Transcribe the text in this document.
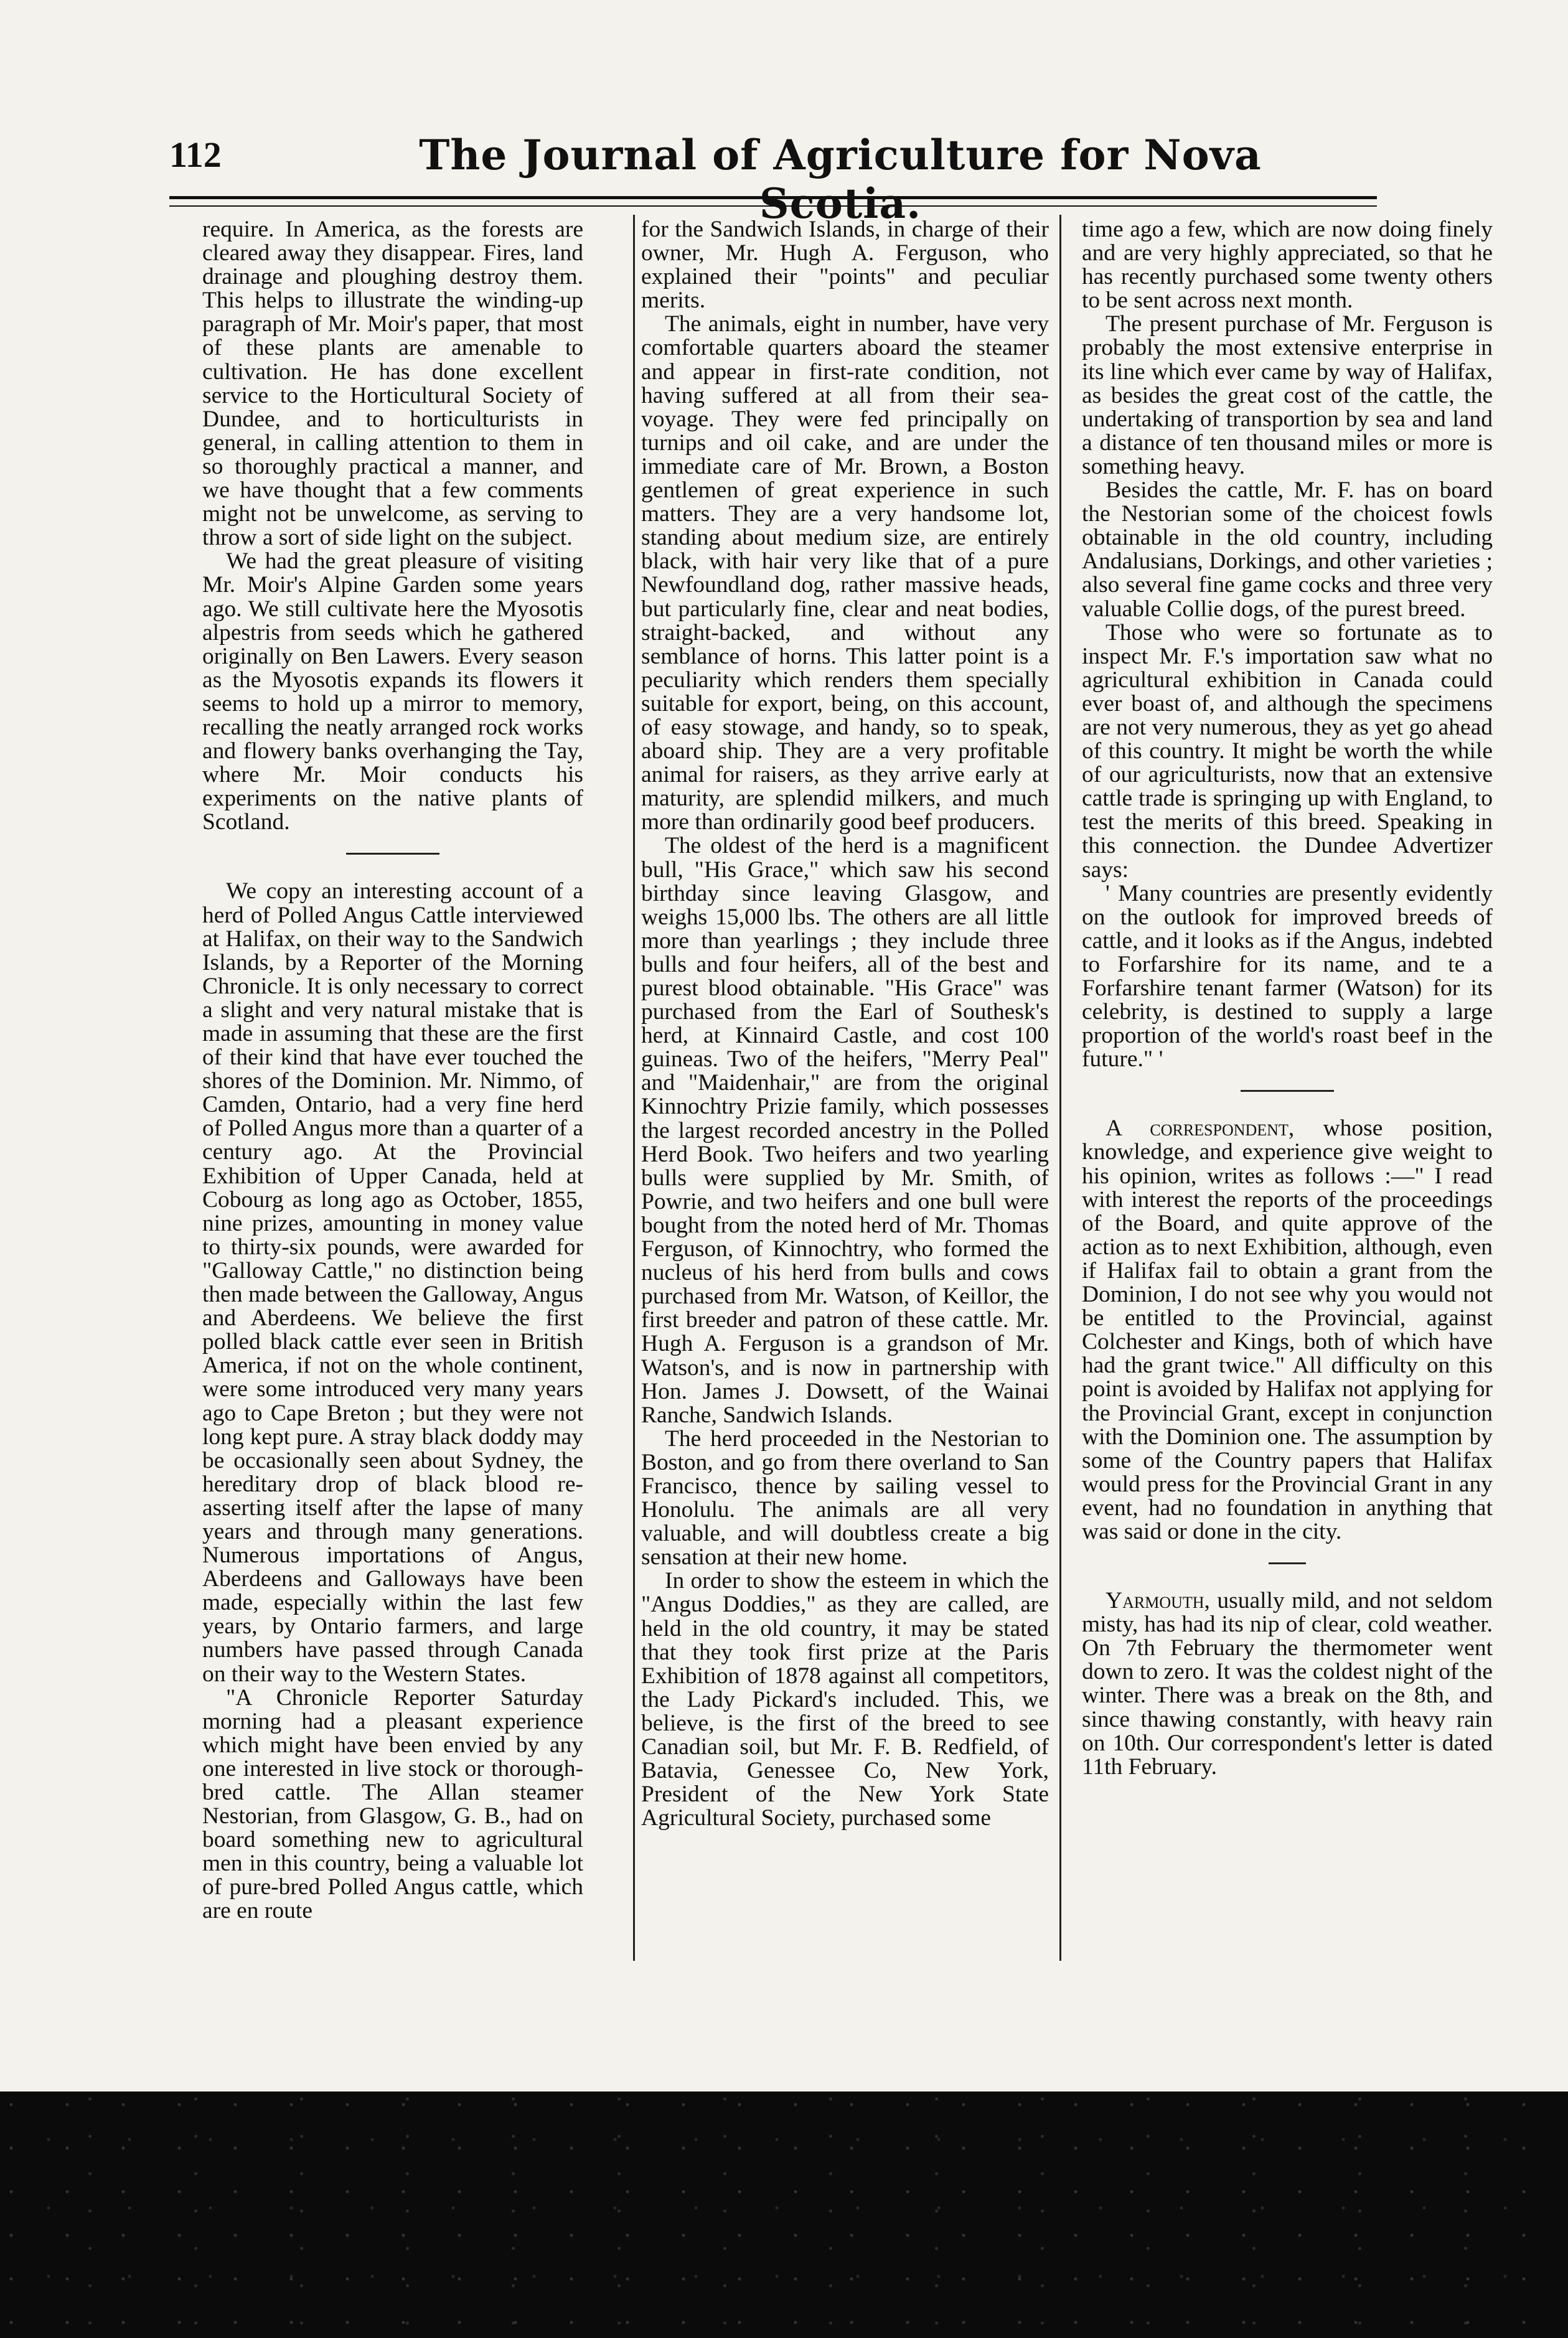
112	The Journal of Agriculture for Nova Scotia.

require. In America, as the forests are cleared away they disappear. Fires, land drainage and ploughing destroy them. This helps to illustrate the winding-up paragraph of Mr. Moir's paper, that most of these plants are amenable to cultivation. He has done excellent service to the Horticultural Society of Dundee, and to horticulturists in general, in calling attention to them in so thoroughly practical a manner, and we have thought that a few comments might not be unwelcome, as serving to throw a sort of side light on the subject.

We had the great pleasure of visiting Mr. Moir's Alpine Garden some years ago. We still cultivate here the Myosotis alpestris from seeds which he gathered originally on Ben Lawers. Every season as the Myosotis expands its flowers it seems to hold up a mirror to memory, recalling the neatly arranged rock works and flowery banks overhanging the Tay, where Mr. Moir conducts his experiments on the native plants of Scotland.

We copy an interesting account of a herd of Polled Angus Cattle interviewed at Halifax, on their way to the Sandwich Islands, by a Reporter of the Morning Chronicle. It is only necessary to correct a slight and very natural mistake that is made in assuming that these are the first of their kind that have ever touched the shores of the Dominion. Mr. Nimmo, of Camden, Ontario, had a very fine herd of Polled Angus more than a quarter of a century ago. At the Provincial Exhibition of Upper Canada, held at Cobourg as long ago as October, 1855, nine prizes, amounting in money value to thirty-six pounds, were awarded for "Galloway Cattle," no distinction being then made between the Galloway, Angus and Aberdeens. We believe the first polled black cattle ever seen in British America, if not on the whole continent, were some introduced very many years ago to Cape Breton ; but they were not long kept pure. A stray black doddy may be occasionally seen about Sydney, the hereditary drop of black blood re-asserting itself after the lapse of many years and through many generations. Numerous importations of Angus, Aberdeens and Galloways have been made, especially within the last few years, by Ontario farmers, and large numbers have passed through Canada on their way to the Western States.

"A Chronicle Reporter Saturday morning had a pleasant experience which might have been envied by any one interested in live stock or thorough-bred cattle. The Allan steamer Nestorian, from Glasgow, G. B., had on board something new to agricultural men in this country, being a valuable lot of pure-bred Polled Angus cattle, which are en route

for the Sandwich Islands, in charge of their owner, Mr. Hugh A. Ferguson, who explained their "points" and peculiar merits.

The animals, eight in number, have very comfortable quarters aboard the steamer and appear in first-rate condition, not having suffered at all from their sea-voyage. They were fed principally on turnips and oil cake, and are under the immediate care of Mr. Brown, a Boston gentlemen of great experience in such matters. They are a very handsome lot, standing about medium size, are entirely black, with hair very like that of a pure Newfoundland dog, rather massive heads, but particularly fine, clear and neat bodies, straight-backed, and without any semblance of horns. This latter point is a peculiarity which renders them specially suitable for export, being, on this account, of easy stowage, and handy, so to speak, aboard ship. They are a very profitable animal for raisers, as they arrive early at maturity, are splendid milkers, and much more than ordinarily good beef producers.

The oldest of the herd is a magnificent bull, "His Grace," which saw his second birthday since leaving Glasgow, and weighs 15,000 lbs. The others are all little more than yearlings ; they include three bulls and four heifers, all of the best and purest blood obtainable. "His Grace" was purchased from the Earl of Southesk's herd, at Kinnaird Castle, and cost 100 guineas. Two of the heifers, "Merry Peal" and "Maidenhair," are from the original Kinnochtry Prizie family, which possesses the largest recorded ancestry in the Polled Herd Book. Two heifers and two yearling bulls were supplied by Mr. Smith, of Powrie, and two heifers and one bull were bought from the noted herd of Mr. Thomas Ferguson, of Kinnochtry, who formed the nucleus of his herd from bulls and cows purchased from Mr. Watson, of Keillor, the first breeder and patron of these cattle. Mr. Hugh A. Ferguson is a grandson of Mr. Watson's, and is now in partnership with Hon. James J. Dowsett, of the Wainai Ranche, Sandwich Islands.

The herd proceeded in the Nestorian to Boston, and go from there overland to San Francisco, thence by sailing vessel to Honolulu. The animals are all very valuable, and will doubtless create a big sensation at their new home.

In order to show the esteem in which the "Angus Doddies," as they are called, are held in the old country, it may be stated that they took first prize at the Paris Exhibition of 1878 against all competitors, the Lady Pickard's included. This, we believe, is the first of the breed to see Canadian soil, but Mr. F. B. Redfield, of Batavia, Genessee Co, New York, President of the New York State Agricultural Society, purchased some

time ago a few, which are now doing finely and are very highly appreciated, so that he has recently purchased some twenty others to be sent across next month.

The present purchase of Mr. Ferguson is probably the most extensive enterprise in its line which ever came by way of Halifax, as besides the great cost of the cattle, the undertaking of transportion by sea and land a distance of ten thousand miles or more is something heavy.

Besides the cattle, Mr. F. has on board the Nestorian some of the choicest fowls obtainable in the old country, including Andalusians, Dorkings, and other varieties ; also several fine game cocks and three very valuable Collie dogs, of the purest breed.

Those who were so fortunate as to inspect Mr. F.'s importation saw what no agricultural exhibition in Canada could ever boast of, and although the specimens are not very numerous, they as yet go ahead of this country. It might be worth the while of our agriculturists, now that an extensive cattle trade is springing up with England, to test the merits of this breed. Speaking in this connection. the Dundee Advertizer says:

' Many countries are presently evidently on the outlook for improved breeds of cattle, and it looks as if the Angus, indebted to Forfarshire for its name, and te a Forfarshire tenant farmer (Watson) for its celebrity, is destined to supply a large proportion of the world's roast beef in the future." '

A correspondent, whose position, knowledge, and experience give weight to his opinion, writes as follows :—" I read with interest the reports of the proceedings of the Board, and quite approve of the action as to next Exhibition, although, even if Halifax fail to obtain a grant from the Dominion, I do not see why you would not be entitled to the Provincial, against Colchester and Kings, both of which have had the grant twice." All difficulty on this point is avoided by Halifax not applying for the Provincial Grant, except in conjunction with the Dominion one. The assumption by some of the Country papers that Halifax would press for the Provincial Grant in any event, had no foundation in anything that was said or done in the city.

Yarmouth, usually mild, and not seldom misty, has had its nip of clear, cold weather. On 7th February the thermometer went down to zero. It was the coldest night of the winter. There was a break on the 8th, and since thawing constantly, with heavy rain on 10th. Our correspondent's letter is dated 11th February.
